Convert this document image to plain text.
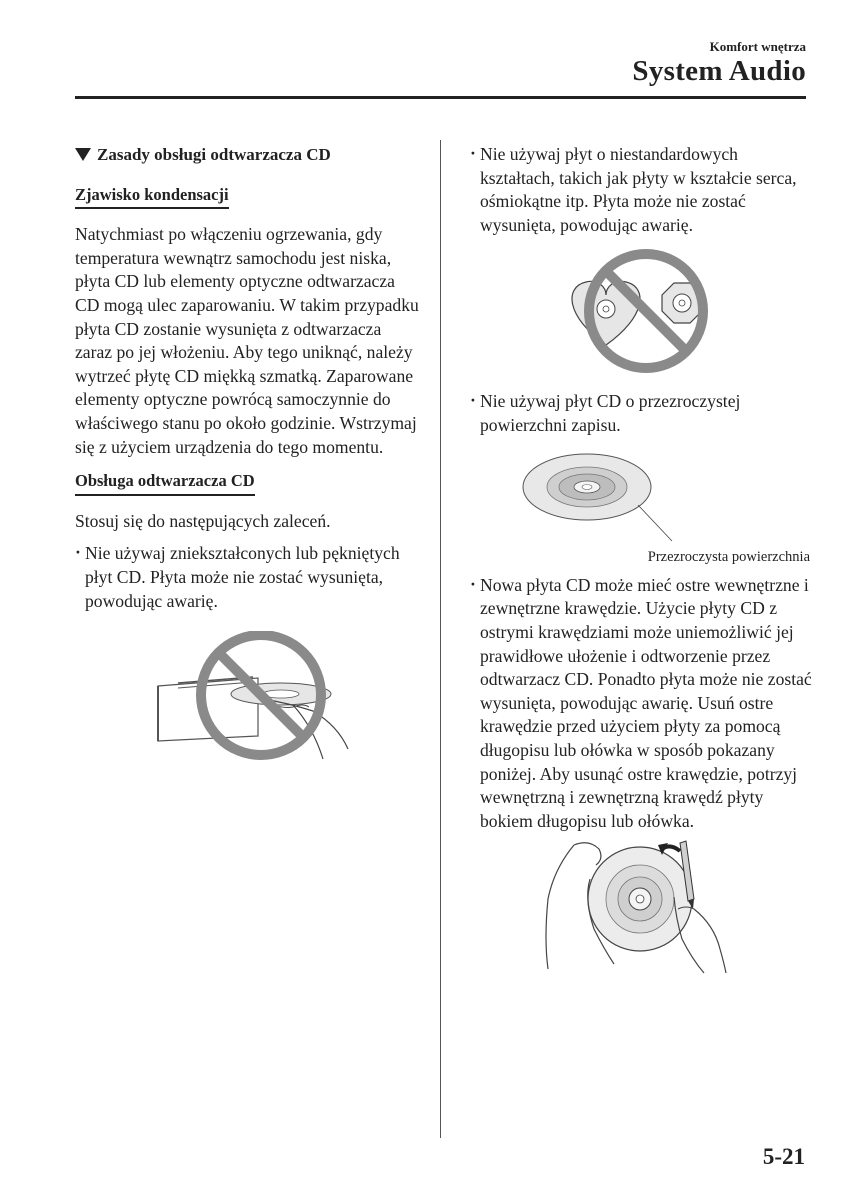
Komfort wnętrza
System Audio
Zasady obsługi odtwarzacza CD
Zjawisko kondensacji

Natychmiast po włączeniu ogrzewania, gdy temperatura wewnątrz samochodu jest niska, płyta CD lub elementy optyczne odtwarzacza CD mogą ulec zaparowaniu. W takim przypadku płyta CD zostanie wysunięta z odtwarzacza zaraz po jej włożeniu. Aby tego uniknąć, należy wytrzeć płytę CD miękką szmatką. Zaparowane elementy optyczne powrócą samoczynnie do właściwego stanu po około godzinie. Wstrzymaj się z użyciem urządzenia do tego momentu.

Obsługa odtwarzacza CD

Stosuj się do następujących zaleceń.

· Nie używaj zniekształconych lub pękniętych płyt CD. Płyta może nie zostać wysunięta, powodując awarię.
· Nie używaj płyt o niestandardowych kształtach, takich jak płyty w kształcie serca, ośmiokątne itp. Płyta może nie zostać wysunięta, powodując awarię.
· Nie używaj płyt CD o przezroczystej powierzchni zapisu.
Przezroczysta powierzchnia
· Nowa płyta CD może mieć ostre wewnętrzne i zewnętrzne krawędzie. Użycie płyty CD z ostrymi krawędziami może uniemożliwić jej prawidłowe ułożenie i odtworzenie przez odtwarzacz CD. Ponadto płyta może nie zostać wysunięta, powodując awarię. Usuń ostre krawędzie przed użyciem płyty za pomocą długopisu lub ołówka w sposób pokazany poniżej. Aby usunąć ostre krawędzie, potrzyj wewnętrzną i zewnętrzną krawędź płyty bokiem długopisu lub ołówka.
5-21
